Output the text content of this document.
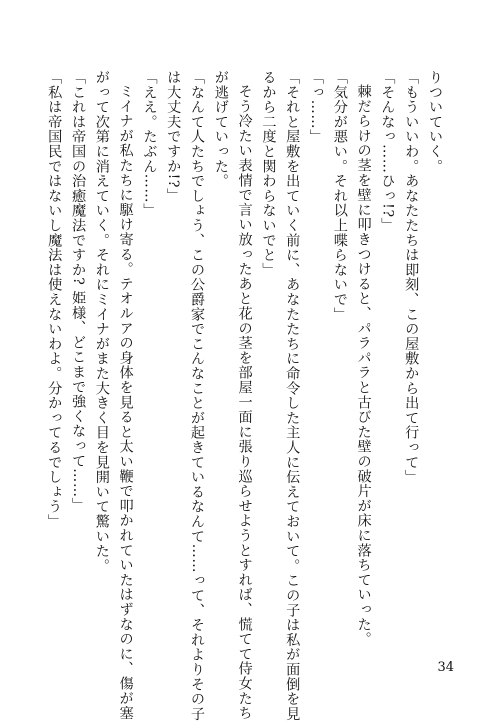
りついていく。
「もういいわ。あなたたちは即刻、この屋敷から出て行って」
「そんなっ……ひっ!?」
棘だらけの茎を壁に叩きつけると、パラパラと古びた壁の破片が床に落ちていった。
「気分が悪い。それ以上喋らないで」
「っ……」
「それと屋敷を出ていく前に、あなたたちに命令した主人に伝えておいて。この子は私が面倒を見
るから二度と関わらないでと」
そう冷たい表情で言い放ったあと花の茎を部屋一面に張り巡らせようとすれば、慌てて侍女たち
が逃げていった。
「なんて人たちでしょう、この公爵家でこんなことが起きているなんて……って、それよりその子
は大丈夫ですか!?」
「ええ。たぶん……」
ミイナが私たちに駆け寄る。テオルアの身体を見ると太い鞭で叩かれていたはずなのに、傷が塞
がって次第に消えていく。それにミイナがまた大きく目を見開いて驚いた。
「これは帝国の治癒魔法ですか? 姫様、どこまで強くなって……」
「私は帝国民ではないし魔法は使えないわよ。分かってるでしょう」
34
